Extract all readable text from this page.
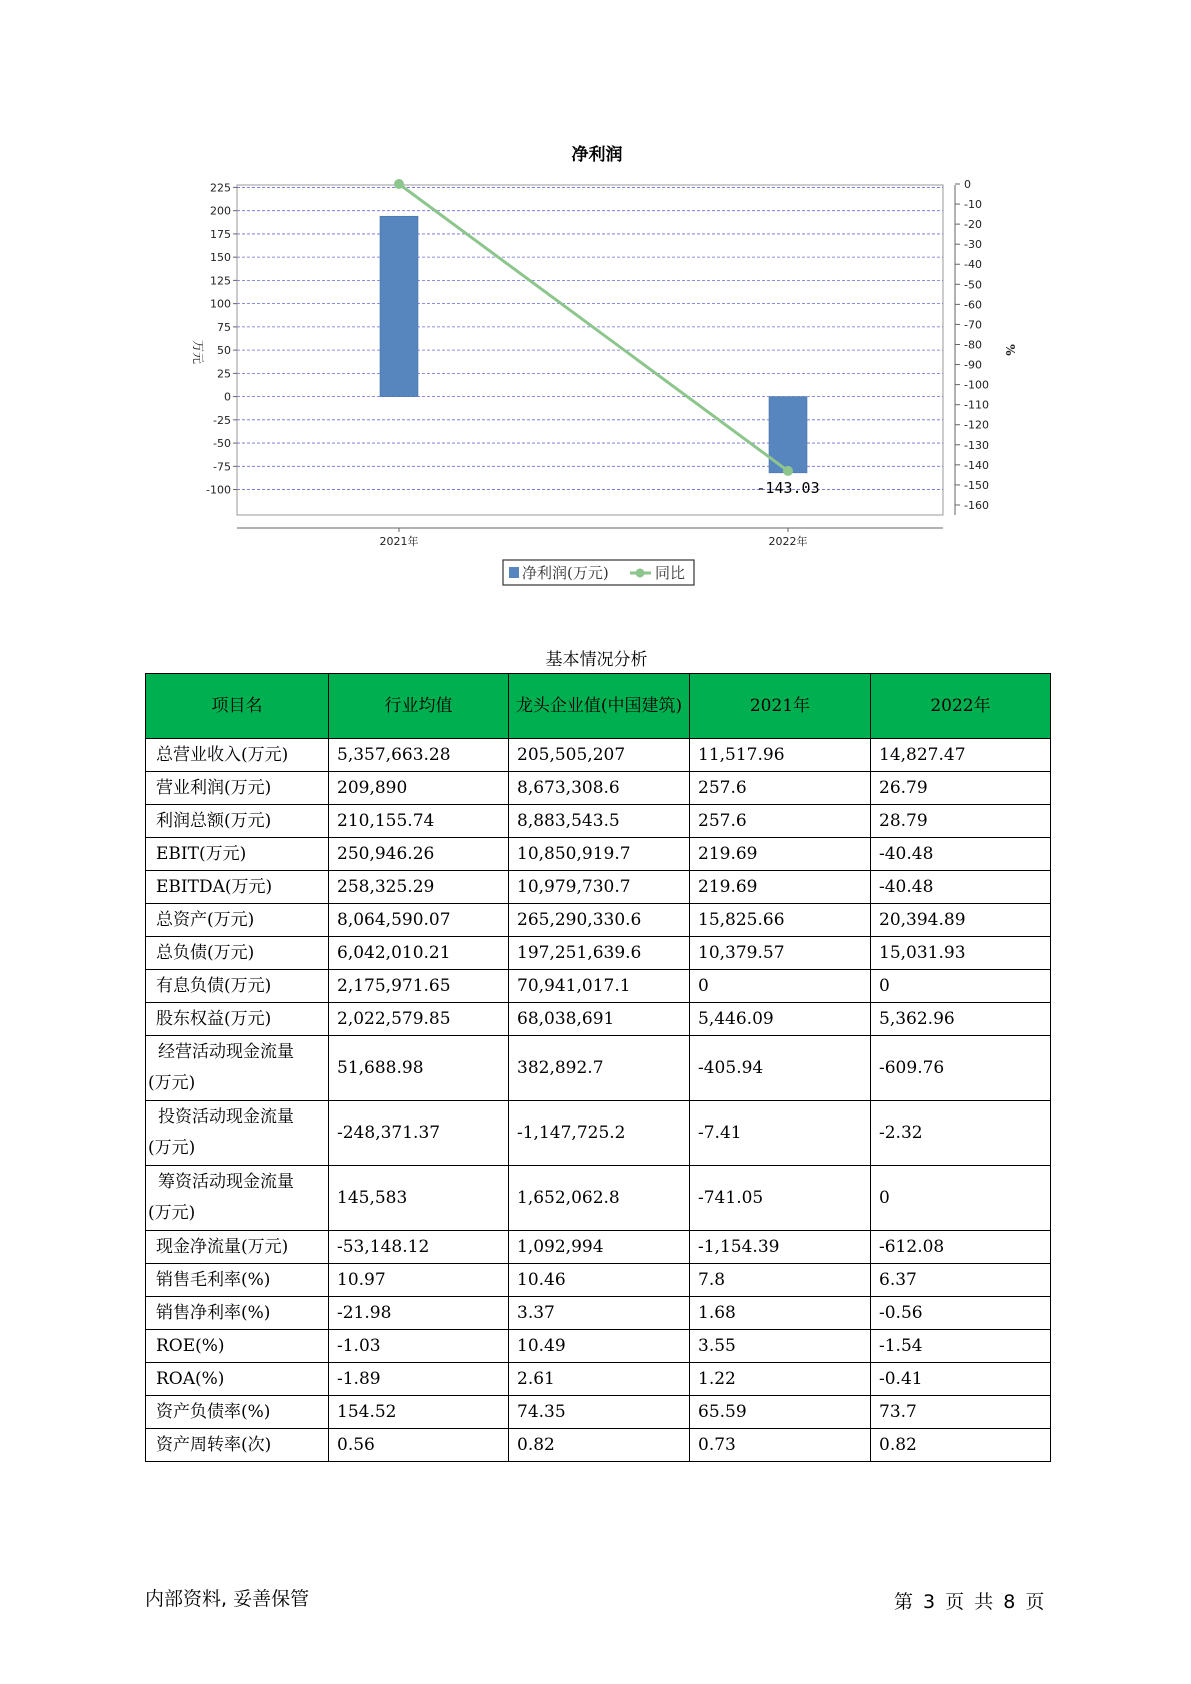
净利润
225
200
175
150
125
100
75
50
25
0
-25
-50
-75
-100
0
-10
-20
-30
-40
-50
-60
-70
-80
-90
-100
-110
-120
-130
-140
-150
-160
-143.03
2021年	2022年
万元	%
净利润(万元)	同比
基本情况分析
项目名	行业均值	龙头企业值(中国建筑)	2021年	2022年
总营业收入(万元)	5,357,663.28	205,505,207	11,517.96	14,827.47
营业利润(万元)	209,890	8,673,308.6	257.6	26.79
利润总额(万元)	210,155.74	8,883,543.5	257.6	28.79
EBIT(万元)	250,946.26	10,850,919.7	219.69	-40.48
EBITDA(万元)	258,325.29	10,979,730.7	219.69	-40.48
总资产(万元)	8,064,590.07	265,290,330.6	15,825.66	20,394.89
总负债(万元)	6,042,010.21	197,251,639.6	10,379.57	15,031.93
有息负债(万元)	2,175,971.65	70,941,017.1	0	0
股东权益(万元)	2,022,579.85	68,038,691	5,446.09	5,362.96

经营活动现金流量
(万元)	51,688.98	382,892.7	-405.94	-609.76

投资活动现金流量
(万元)	-248,371.37	-1,147,725.2	-7.41	-2.32

筹资活动现金流量
(万元)	145,583	1,652,062.8	-741.05	0
现金净流量(万元)	-53,148.12	1,092,994	-1,154.39	-612.08
销售毛利率(%)	10.97	10.46	7.8	6.37
销售净利率(%)	-21.98	3.37	1.68	-0.56
ROE(%)	-1.03	10.49	3.55	-1.54
ROA(%)	-1.89	2.61	1.22	-0.41
资产负债率(%)	154.52	74.35	65.59	73.7
资产周转率(次)	0.56	0.82	0.73	0.82
内部资料, 妥善保管	第 3 页 共 8 页
